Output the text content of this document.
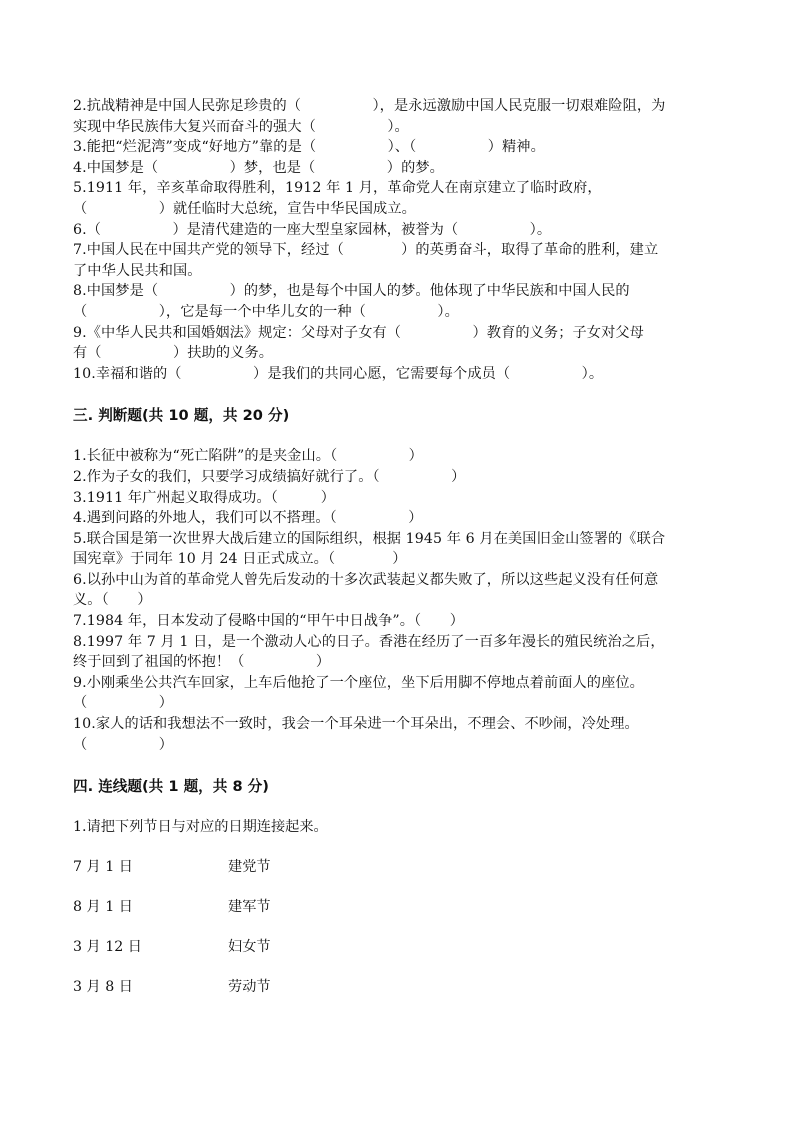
2.抗战精神是中国人民弥足珍贵的（　　　　　），是永远激励中国人民克服一切艰难险阻，为
实现中华民族伟大复兴而奋斗的强大（　　　　　）。
3.能把“烂泥湾”变成“好地方”靠的是（　　　　　）、（　　　　　）精神。
4.中国梦是（　　　　　）梦，也是（　　　　　）的梦。
5.1911 年，辛亥革命取得胜利，1912 年 1 月，革命党人在南京建立了临时政府，
（　　　　　）就任临时大总统，宣告中华民国成立。
6.（　　　　　）是清代建造的一座大型皇家园林，被誉为（　　　　　）。
7.中国人民在中国共产党的领导下，经过（　　　　）的英勇奋斗，取得了革命的胜利，建立
了中华人民共和国。
8.中国梦是（　　　　　）的梦，也是每个中国人的梦。他体现了中华民族和中国人民的
（　　　　　），它是每一个中华儿女的一种（　　　　　）。
9.《中华人民共和国婚姻法》规定：父母对子女有（　　　　　）教育的义务；子女对父母
有（　　　　　）扶助的义务。
10.幸福和谐的（　　　　　）是我们的共同心愿，它需要每个成员（　　　　　）。
三. 判断题(共 10 题，共 20 分)
1.长征中被称为“死亡陷阱”的是夹金山。（　　　　　）
2.作为子女的我们，只要学习成绩搞好就行了。（　　　　　）
3.1911 年广州起义取得成功。（　　　）
4.遇到问路的外地人，我们可以不搭理。（　　　　　）
5.联合国是第一次世界大战后建立的国际组织，根据 1945 年 6 月在美国旧金山签署的《联合
国宪章》于同年 10 月 24 日正式成立。（　　　　）
6.以孙中山为首的革命党人曾先后发动的十多次武装起义都失败了，所以这些起义没有任何意
义。（　　）
7.1984 年，日本发动了侵略中国的“甲午中日战争”。（　　）
8.1997 年 7 月 1 日，是一个激动人心的日子。香港在经历了一百多年漫长的殖民统治之后，
终于回到了祖国的怀抱！（　　　　　）
9.小刚乘坐公共汽车回家，上车后他抢了一个座位，坐下后用脚不停地点着前面人的座位。
（　　　　　）
10.家人的话和我想法不一致时，我会一个耳朵进一个耳朵出，不理会、不吵闹，冷处理。
（　　　　　）
四. 连线题(共 1 题，共 8 分)
1.请把下列节日与对应的日期连接起来。
7 月 1 日	建党节
8 月 1 日	建军节
3 月 12 日	妇女节
3 月 8 日	劳动节
